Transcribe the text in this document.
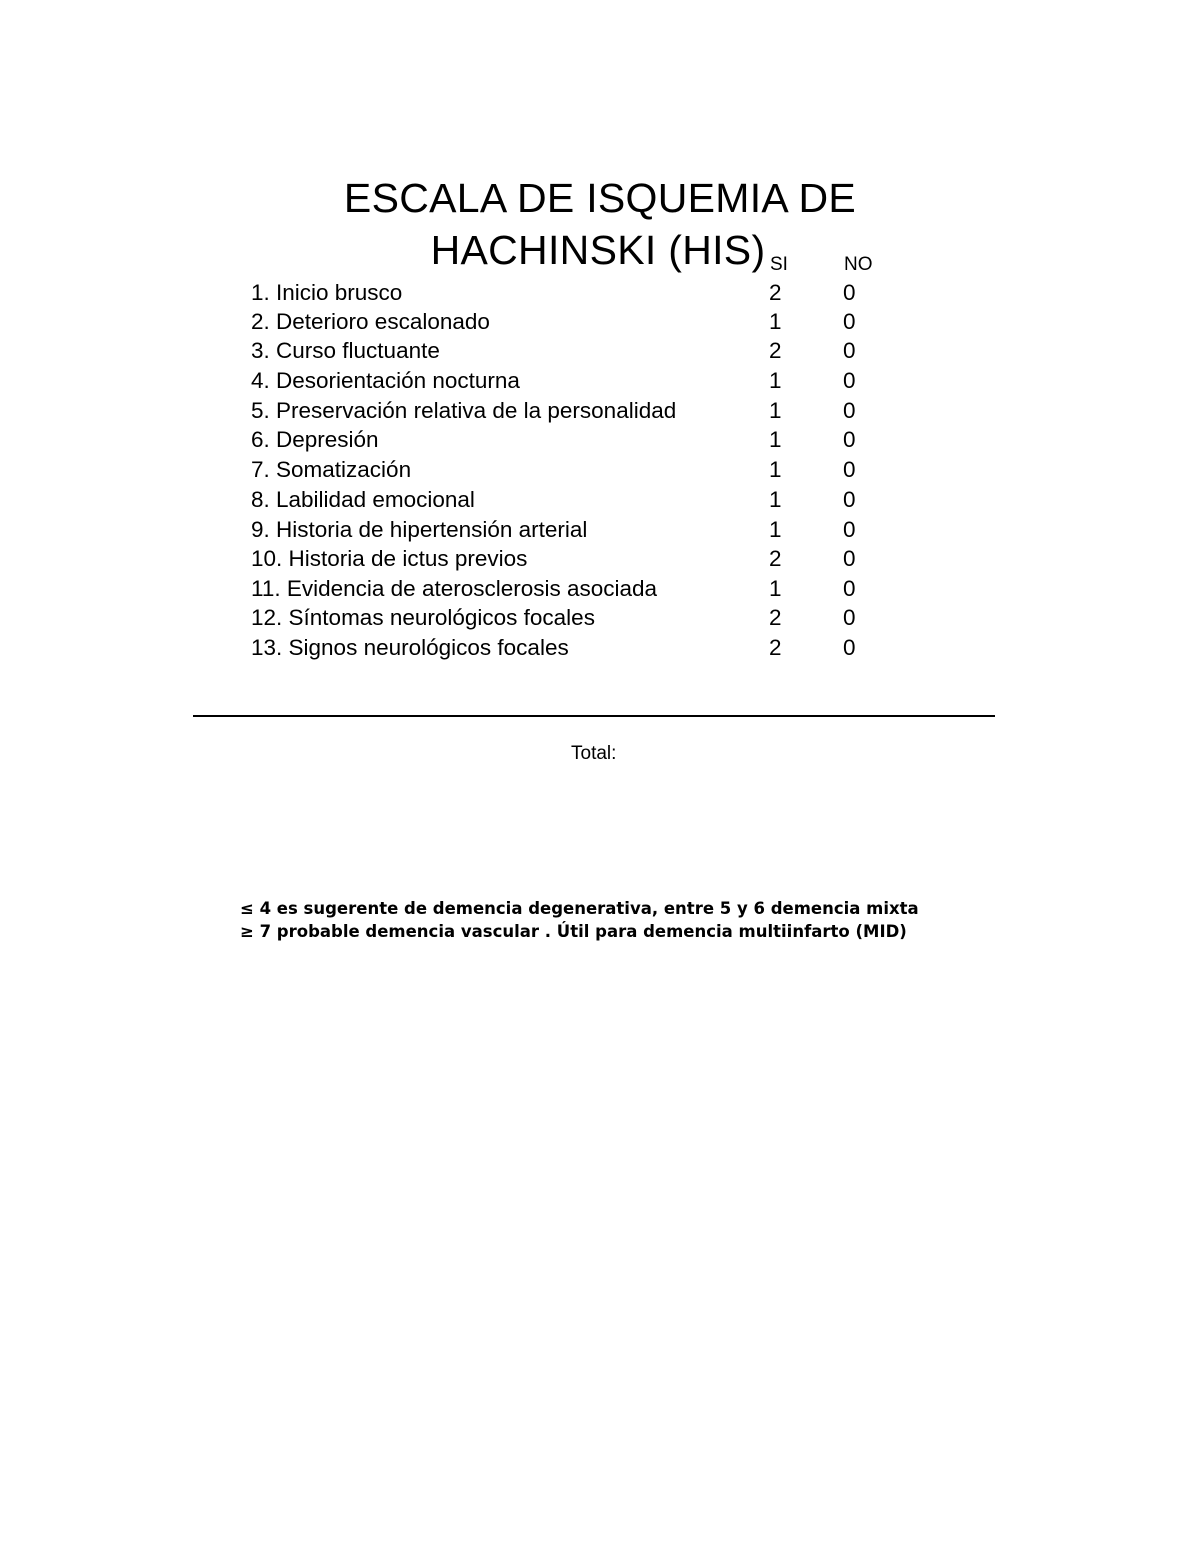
ESCALA DE ISQUEMIA DE
HACHINSKI (HIS) SI	NO
1. Inicio brusco	2	0
2. Deterioro escalonado	1	0
3. Curso fluctuante	2	0
4. Desorientación nocturna	1	0
5. Preservación relativa de la personalidad	1	0
6. Depresión	1	0
7. Somatización	1	0
8. Labilidad emocional	1	0
9. Historia de hipertensión arterial	1	0
10. Historia de ictus previos	2	0
11. Evidencia de aterosclerosis asociada	1	0
12. Síntomas neurológicos focales	2	0
13. Signos neurológicos focales	2	0
Total:
≤ 4 es sugerente de demencia degenerativa, entre 5 y 6 demencia mixta
≥ 7 probable demencia vascular . Útil para demencia multiinfarto (MID)
